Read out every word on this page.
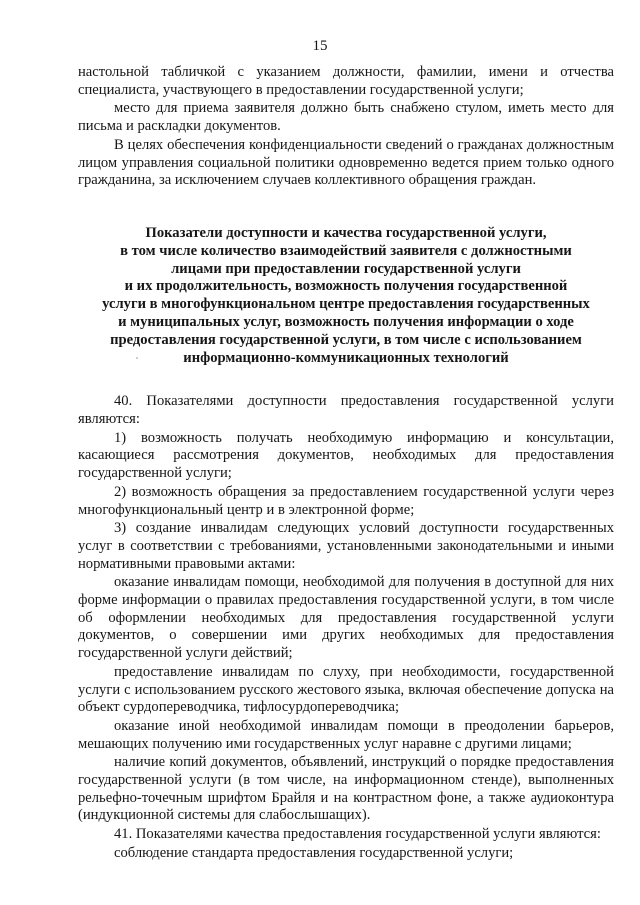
15

настольной табличкой с указанием должности, фамилии, имени и отчества специалиста, участвующего в предоставлении государственной услуги;

место для приема заявителя должно быть снабжено стулом, иметь место для письма и раскладки документов.

В целях обеспечения конфиденциальности сведений о гражданах должностным лицом управления социальной политики одновременно ведется прием только одного гражданина, за исключением случаев коллективного обращения граждан.

Показатели доступности и качества государственной услуги,
в том числе количество взаимодействий заявителя с должностными
лицами при предоставлении государственной услуги
и их продолжительность, возможность получения государственной
услуги в многофункциональном центре предоставления государственных
и муниципальных услуг, возможность получения информации о ходе
предоставления государственной услуги, в том числе с использованием
информационно-коммуникационных технологий

40. Показателями доступности предоставления государственной услуги являются:

1) возможность получать необходимую информацию и консультации, касающиеся рассмотрения документов, необходимых для предоставления государственной услуги;

2) возможность обращения за предоставлением государственной услуги через многофункциональный центр и в электронной форме;

3) создание инвалидам следующих условий доступности государственных услуг в соответствии с требованиями, установленными законодательными и иными нормативными правовыми актами:

оказание инвалидам помощи, необходимой для получения в доступной для них форме информации о правилах предоставления государственной услуги, в том числе об оформлении необходимых для предоставления государственной услуги документов, о совершении ими других необходимых для предоставления государственной услуги действий;

предоставление инвалидам по слуху, при необходимости, государственной услуги с использованием русского жестового языка, включая обеспечение допуска на объект сурдопереводчика, тифлосурдопереводчика;

оказание иной необходимой инвалидам помощи в преодолении барьеров, мешающих получению ими государственных услуг наравне с другими лицами;

наличие копий документов, объявлений, инструкций о порядке предоставления государственной услуги (в том числе, на информационном стенде), выполненных рельефно-точечным шрифтом Брайля и на контрастном фоне, а также аудиоконтура (индукционной системы для слабослышащих).

41. Показателями качества предоставления государственной услуги являются:

соблюдение стандарта предоставления государственной услуги;
